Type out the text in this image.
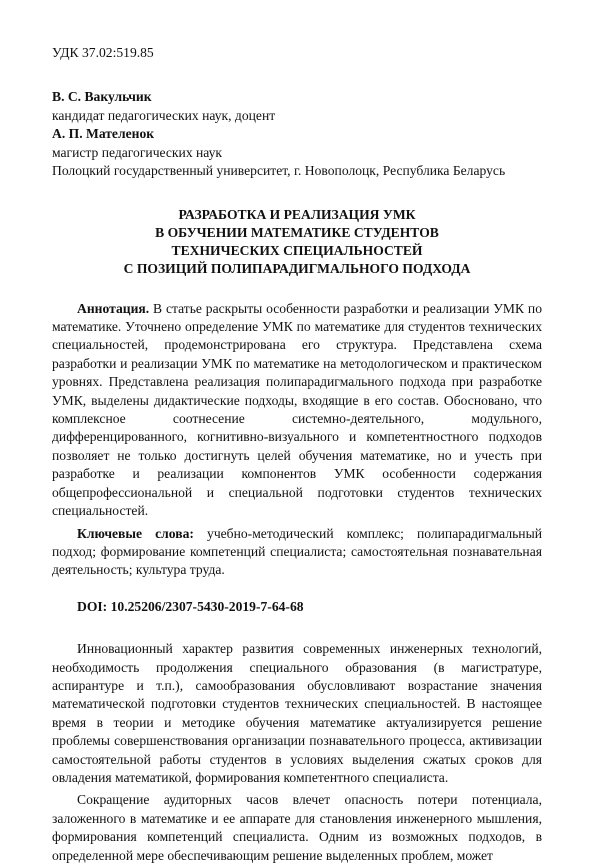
УДК 37.02:519.85

В. С. Вакульчик

кандидат педагогических наук, доцент

А. П. Мателенок

магистр педагогических наук

Полоцкий государственный университет, г. Новополоцк, Республика Беларусь

РАЗРАБОТКА И РЕАЛИЗАЦИЯ УМК
В ОБУЧЕНИИ МАТЕМАТИКЕ СТУДЕНТОВ
ТЕХНИЧЕСКИХ СПЕЦИАЛЬНОСТЕЙ
С ПОЗИЦИЙ ПОЛИПАРАДИГМАЛЬНОГО ПОДХОДА

Аннотация. В статье раскрыты особенности разработки и реализации УМК по математике. Уточнено определение УМК по математике для студентов технических специальностей, продемонстрирована его структура. Представлена схема разработки и реализации УМК по математике на методологическом и практическом уровнях. Представлена реализация полипарадигмального подхода при разработке УМК, выделены дидактические подходы, входящие в его состав. Обосновано, что комплексное соотнесение системно-деятельного, модульного, дифференцированного, когнитивно-визуального и компетентностного подходов позволяет не только достигнуть целей обучения математике, но и учесть при разработке и реализации компонентов УМК особенности содержания общепрофессиональной и специальной подготовки студентов технических специальностей.

Ключевые слова: учебно-методический комплекс; полипарадигмальный подход; формирование компетенций специалиста; самостоятельная познавательная деятельность; культура труда.

DOI: 10.25206/2307-5430-2019-7-64-68

Инновационный характер развития современных инженерных технологий, необходимость продолжения специального образования (в магистратуре, аспирантуре и т.п.), самообразования обусловливают возрастание значения математической подготовки студентов технических специальностей. В настоящее время в теории и методике обучения математике актуализируется решение проблемы совершенствования организации познавательного процесса, активизации самостоятельной работы студентов в условиях выделения сжатых сроков для овладения математикой, формирования компетентного специалиста.

Сокращение аудиторных часов влечет опасность потери потенциала, заложенного в математике и ее аппарате для становления инженерного мышления, формирования компетенций специалиста. Одним из возможных подходов, в определенной мере обеспечивающим решение выделенных проблем, может
